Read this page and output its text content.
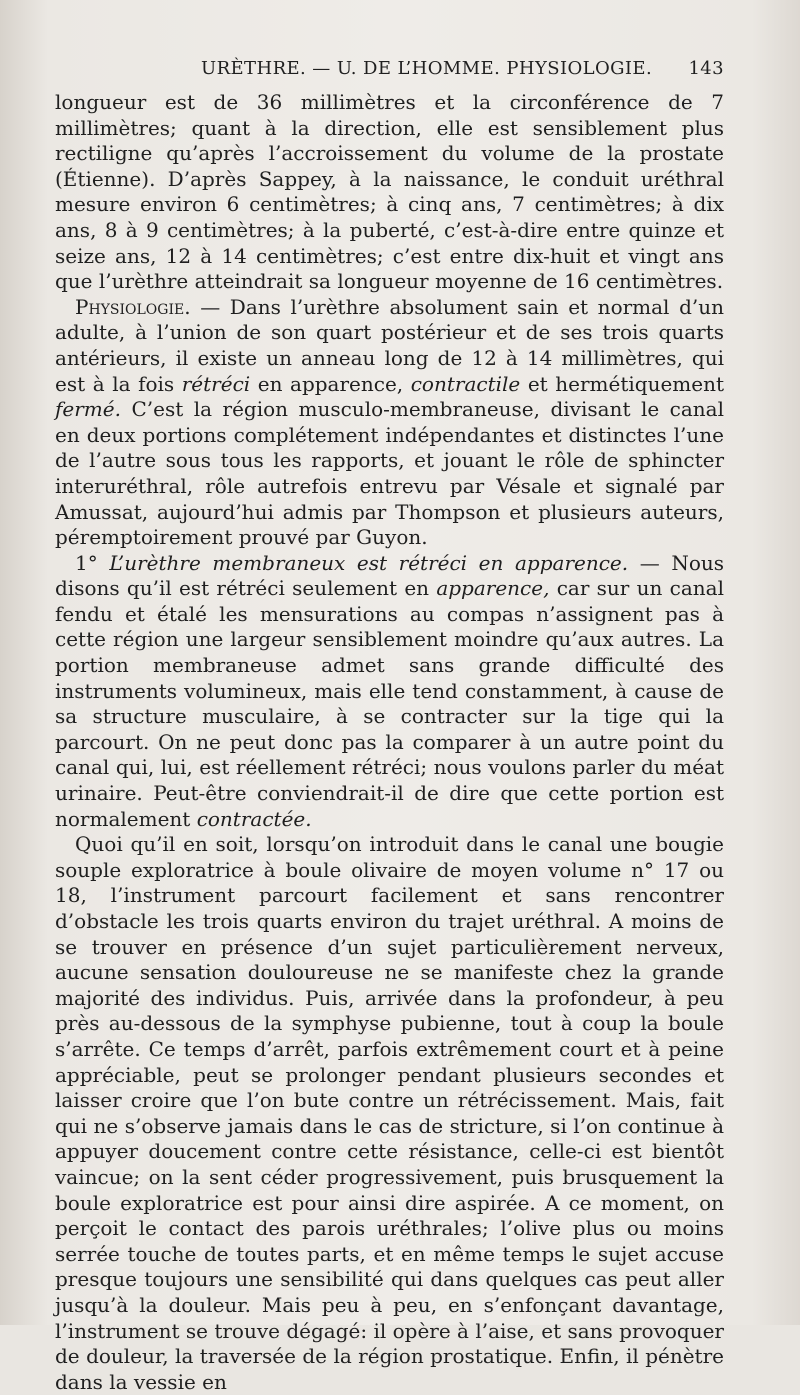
URÈTHRE. — U. DE L’HOMME. PHYSIOLOGIE. 143

longueur est de 36 millimètres et la circonférence de 7 millimètres; quant à la direction, elle est sensiblement plus rectiligne qu’après l’accroissement du volume de la prostate (Étienne). D’après Sappey, à la naissance, le conduit uréthral mesure environ 6 centimètres; à cinq ans, 7 centimètres; à dix ans, 8 à 9 centimètres; à la puberté, c’est-à-dire entre quinze et seize ans, 12 à 14 centimètres; c’est entre dix-huit et vingt ans que l’urèthre atteindrait sa longueur moyenne de 16 centimètres.

Physiologie. — Dans l’urèthre absolument sain et normal d’un adulte, à l’union de son quart postérieur et de ses trois quarts antérieurs, il existe un anneau long de 12 à 14 millimètres, qui est à la fois rétréci en apparence, contractile et hermétiquement fermé. C’est la région musculo-membraneuse, divisant le canal en deux portions complétement indépendantes et distinctes l’une de l’autre sous tous les rapports, et jouant le rôle de sphincter interuréthral, rôle autrefois entrevu par Vésale et signalé par Amussat, aujourd’hui admis par Thompson et plusieurs auteurs, péremptoirement prouvé par Guyon.

1° L’urèthre membraneux est rétréci en apparence. — Nous disons qu’il est rétréci seulement en apparence, car sur un canal fendu et étalé les mensurations au compas n’assignent pas à cette région une largeur sensiblement moindre qu’aux autres. La portion membraneuse admet sans grande difficulté des instruments volumineux, mais elle tend constamment, à cause de sa structure musculaire, à se contracter sur la tige qui la parcourt. On ne peut donc pas la comparer à un autre point du canal qui, lui, est réellement rétréci; nous voulons parler du méat urinaire. Peut-être conviendrait-il de dire que cette portion est normalement contractée.

Quoi qu’il en soit, lorsqu’on introduit dans le canal une bougie souple exploratrice à boule olivaire de moyen volume n° 17 ou 18, l’instrument parcourt facilement et sans rencontrer d’obstacle les trois quarts environ du trajet uréthral. A moins de se trouver en présence d’un sujet particulièrement nerveux, aucune sensation douloureuse ne se manifeste chez la grande majorité des individus. Puis, arrivée dans la profondeur, à peu près au-dessous de la symphyse pubienne, tout à coup la boule s’arrête. Ce temps d’arrêt, parfois extrêmement court et à peine appréciable, peut se prolonger pendant plusieurs secondes et laisser croire que l’on bute contre un rétrécissement. Mais, fait qui ne s’observe jamais dans le cas de stricture, si l’on continue à appuyer doucement contre cette résistance, celle-ci est bientôt vaincue; on la sent céder progressivement, puis brusquement la boule exploratrice est pour ainsi dire aspirée. A ce moment, on perçoit le contact des parois uréthrales; l’olive plus ou moins serrée touche de toutes parts, et en même temps le sujet accuse presque toujours une sensibilité qui dans quelques cas peut aller jusqu’à la douleur. Mais peu à peu, en s’enfonçant davantage, l’instrument se trouve dégagé: il opère à l’aise, et sans provoquer de douleur, la traversée de la région prostatique. Enfin, il pénètre dans la vessie en
